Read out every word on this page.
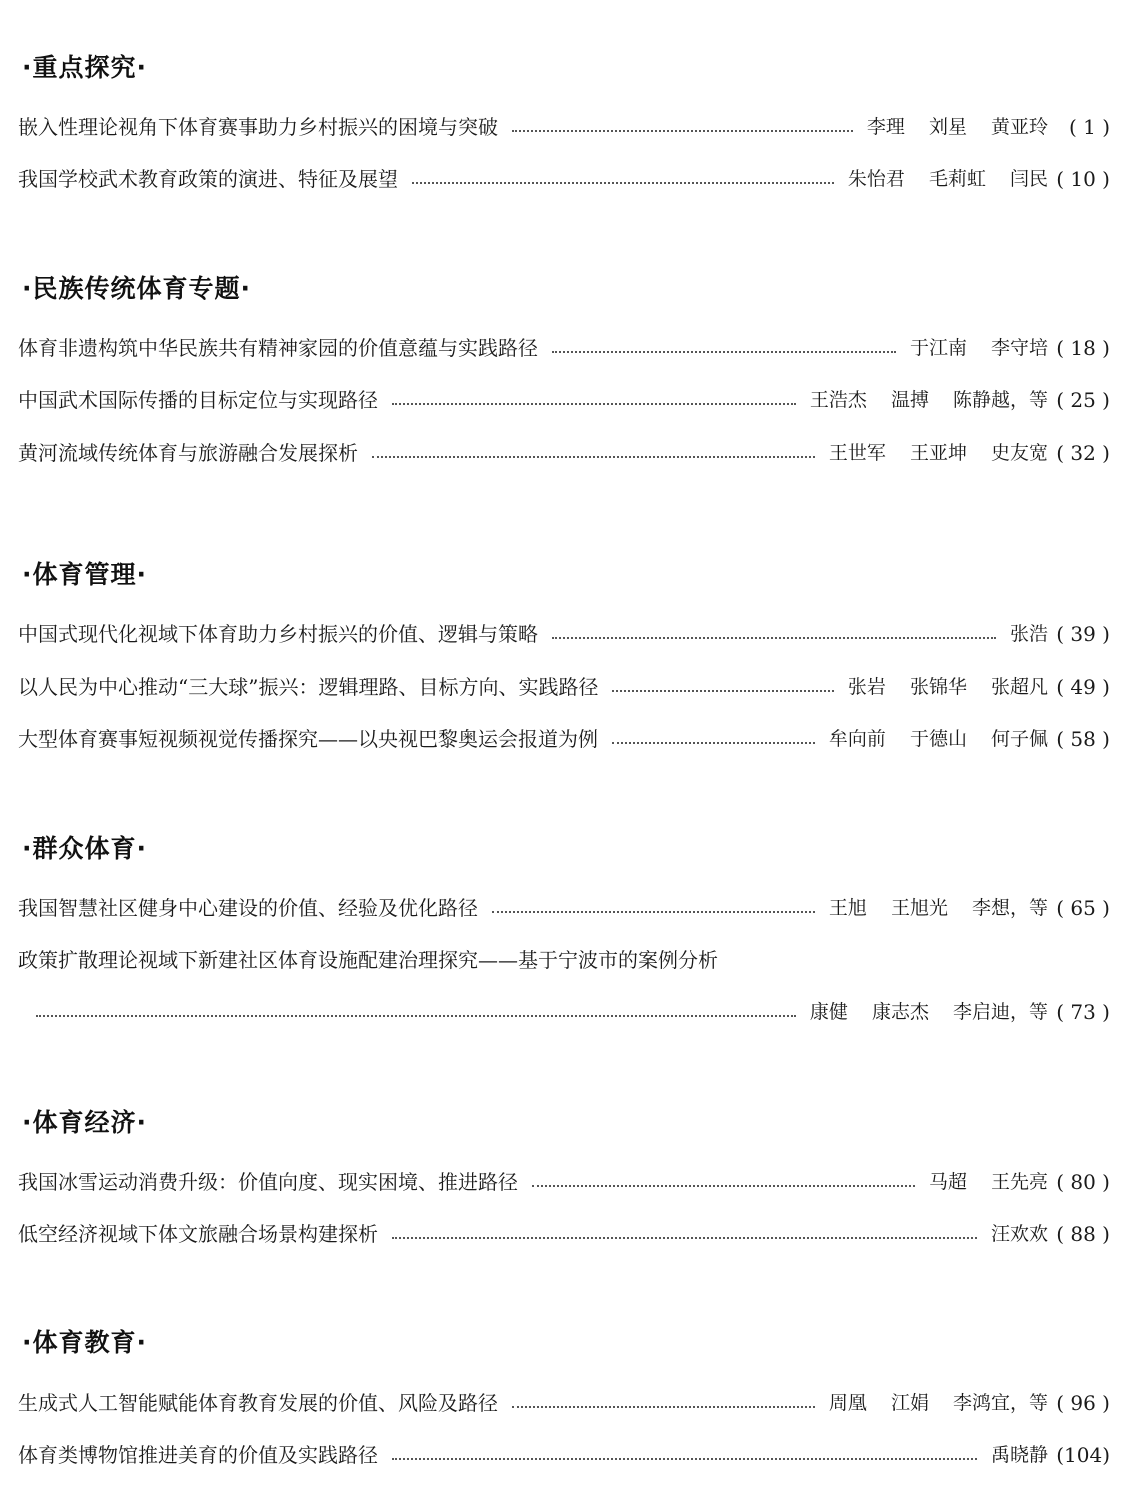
·重点探究·
嵌入性理论视角下体育赛事助力乡村振兴的困境与突破	李理 刘星 黄亚玲	( 1 )
我国学校武术教育政策的演进、特征及展望	朱怡君 毛莉虹 闫民 ( 10 )
·民族传统体育专题·
体育非遗构筑中华民族共有精神家园的价值意蕴与实践路径	于江南 李守培 ( 18 )
中国武术国际传播的目标定位与实现路径	王浩杰 温搏 陈静越，等 ( 25 )
黄河流域传统体育与旅游融合发展探析	王世军 王亚坤 史友宽 ( 32 )
·体育管理·
中国式现代化视域下体育助力乡村振兴的价值、逻辑与策略	张浩 ( 39 )
以人民为中心推动“三大球”振兴：逻辑理路、目标方向、实践路径	张岩 张锦华 张超凡 ( 49 )
大型体育赛事短视频视觉传播探究——以央视巴黎奥运会报道为例	牟向前 于德山 何子佩 ( 58 )
·群众体育·
我国智慧社区健身中心建设的价值、经验及优化路径	王旭 王旭光 李想，等 ( 65 )
政策扩散理论视域下新建社区体育设施配建治理探究——基于宁波市的案例分析
康健 康志杰 李启迪，等 ( 73 )
·体育经济·
我国冰雪运动消费升级：价值向度、现实困境、推进路径	马超 王先亮 ( 80 )
低空经济视域下体文旅融合场景构建探析	汪欢欢 ( 88 )
·体育教育·
生成式人工智能赋能体育教育发展的价值、风险及路径	周凰 江娟 李鸿宜，等 ( 96 )
体育类博物馆推进美育的价值及实践路径	禹晓静 (104)
